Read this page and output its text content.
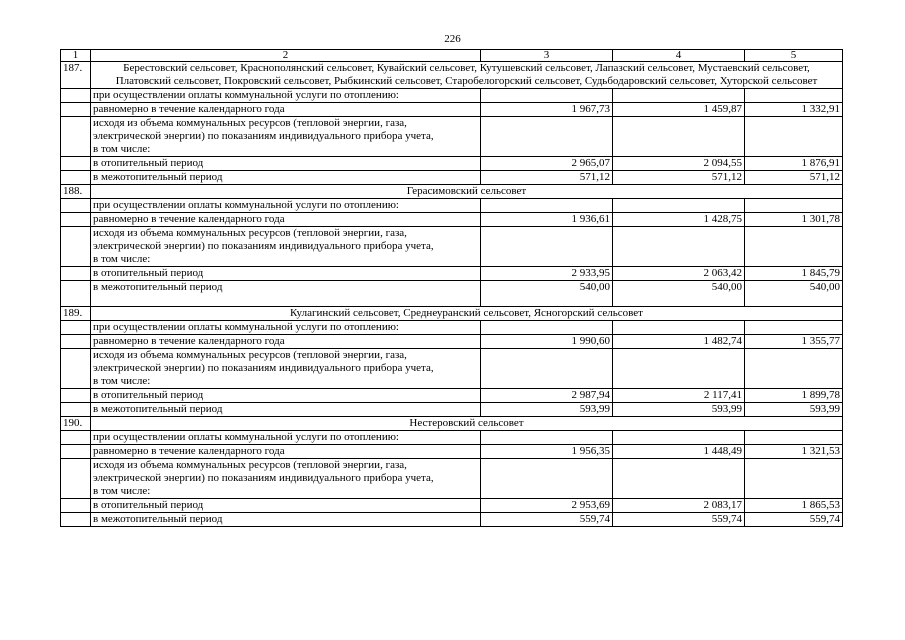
226
1	2	3	4	5
187.	Берестовский сельсовет, Краснополянский сельсовет, Кувайский сельсовет, Кутушевский сельсовет, Лапазский сельсовет, Мустаевский сельсовет, Платовский сельсовет, Покровский сельсовет, Рыбкинский сельсовет, Старобелогорский сельсовет, Судьбодаровский сельсовет, Хуторской сельсовет			
	при осуществлении оплаты коммунальной услуги по отоплению:			
	равномерно в течение календарного года	1 967,73	1 459,87	1 332,91
	исходя из объема коммунальных ресурсов (тепловой энергии, газа, электрической энергии) по показаниям индивидуального прибора учета, в том числе:			
	в отопительный период	2 965,07	2 094,55	1 876,91
	в межотопительный период	571,12	571,12	571,12
188.	Герасимовский сельсовет			
	при осуществлении оплаты коммунальной услуги по отоплению:			
	равномерно в течение календарного года	1 936,61	1 428,75	1 301,78
	исходя из объема коммунальных ресурсов (тепловой энергии, газа, электрической энергии) по показаниям индивидуального прибора учета, в том числе:			
	в отопительный период	2 933,95	2 063,42	1 845,79
	в межотопительный период	540,00	540,00	540,00
189.	Кулагинский сельсовет, Среднеуранский сельсовет, Ясногорский сельсовет			
	при осуществлении оплаты коммунальной услуги по отоплению:			
	равномерно в течение календарного года	1 990,60	1 482,74	1 355,77
	исходя из объема коммунальных ресурсов (тепловой энергии, газа, электрической энергии) по показаниям индивидуального прибора учета, в том числе:			
	в отопительный период	2 987,94	2 117,41	1 899,78
	в межотопительный период	593,99	593,99	593,99
190.	Нестеровский сельсовет			
	при осуществлении оплаты коммунальной услуги по отоплению:			
	равномерно в течение календарного года	1 956,35	1 448,49	1 321,53
	исходя из объема коммунальных ресурсов (тепловой энергии, газа, электрической энергии) по показаниям индивидуального прибора учета, в том числе:			
	в отопительный период	2 953,69	2 083,17	1 865,53
	в межотопительный период	559,74	559,74	559,74
